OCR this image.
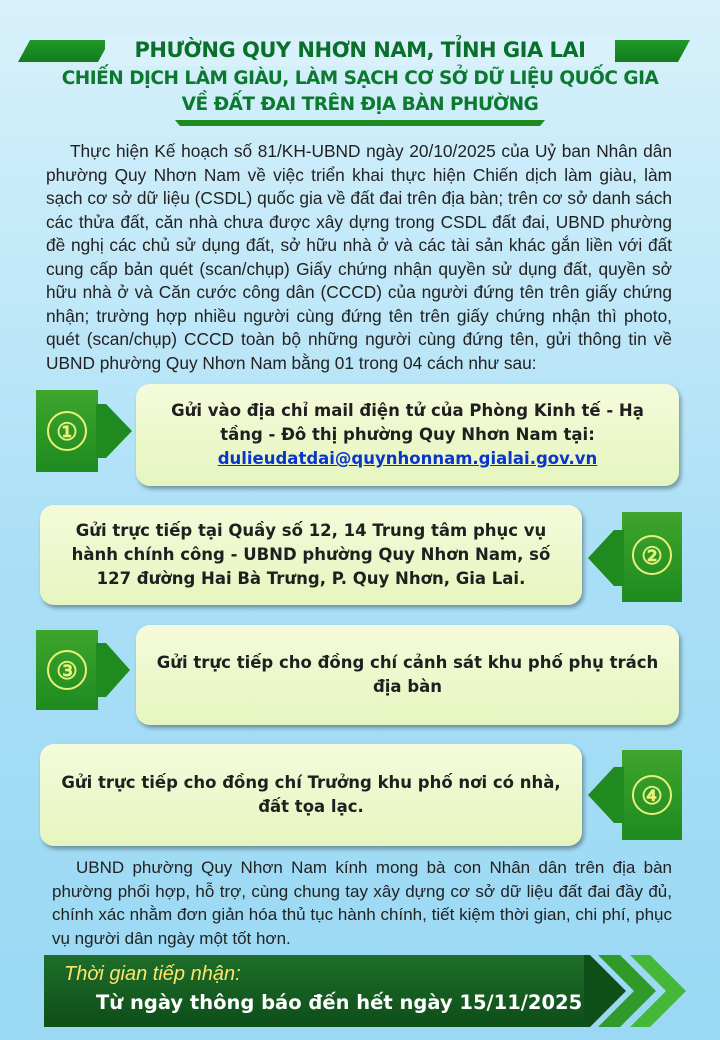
PHƯỜNG QUY NHƠN NAM, TỈNH GIA LAI
CHIẾN DỊCH LÀM GIÀU, LÀM SẠCH CƠ SỞ DỮ LIỆU QUỐC GIA
VỀ ĐẤT ĐAI TRÊN ĐỊA BÀN PHƯỜNG
Thực hiện Kế hoạch số 81/KH-UBND ngày 20/10/2025 của Uỷ ban Nhân dân phường Quy Nhơn Nam về việc triển khai thực hiện Chiến dịch làm giàu, làm sạch cơ sở dữ liệu (CSDL) quốc gia về đất đai trên địa bàn; trên cơ sở danh sách các thửa đất, căn nhà chưa được xây dựng trong CSDL đất đai, UBND phường đề nghị các chủ sử dụng đất, sở hữu nhà ở và các tài sản khác gắn liền với đất cung cấp bản quét (scan/chụp) Giấy chứng nhận quyền sử dụng đất, quyền sở hữu nhà ở và Căn cước công dân (CCCD) của người đứng tên trên giấy chứng nhận; trường hợp nhiều người cùng đứng tên trên giấy chứng nhận thì photo, quét (scan/chụp) CCCD toàn bộ những người cùng đứng tên, gửi thông tin về UBND phường Quy Nhơn Nam bằng 01 trong 04 cách như sau:
①
Gửi vào địa chỉ mail điện tử của Phòng Kinh tế - Hạ tầng - Đô thị phường Quy Nhơn Nam tại:
dulieudatdai@quynhonnam.gialai.gov.vn
②
Gửi trực tiếp tại Quầy số 12, 14 Trung tâm phục vụ hành chính công - UBND phường Quy Nhơn Nam, số 127 đường Hai Bà Trưng, P. Quy Nhơn, Gia Lai.
③	Gửi trực tiếp cho đồng chí cảnh sát khu phố phụ trách địa bàn
④
Gửi trực tiếp cho đồng chí Trưởng khu phố nơi có nhà, đất tọa lạc.
UBND phường Quy Nhơn Nam kính mong bà con Nhân dân trên địa bàn phường phối hợp, hỗ trợ, cùng chung tay xây dựng cơ sở dữ liệu đất đai đầy đủ, chính xác nhằm đơn giản hóa thủ tục hành chính, tiết kiệm thời gian, chi phí, phục vụ người dân ngày một tốt hơn.
Thời gian tiếp nhận:
Từ ngày thông báo đến hết ngày 15/11/2025
